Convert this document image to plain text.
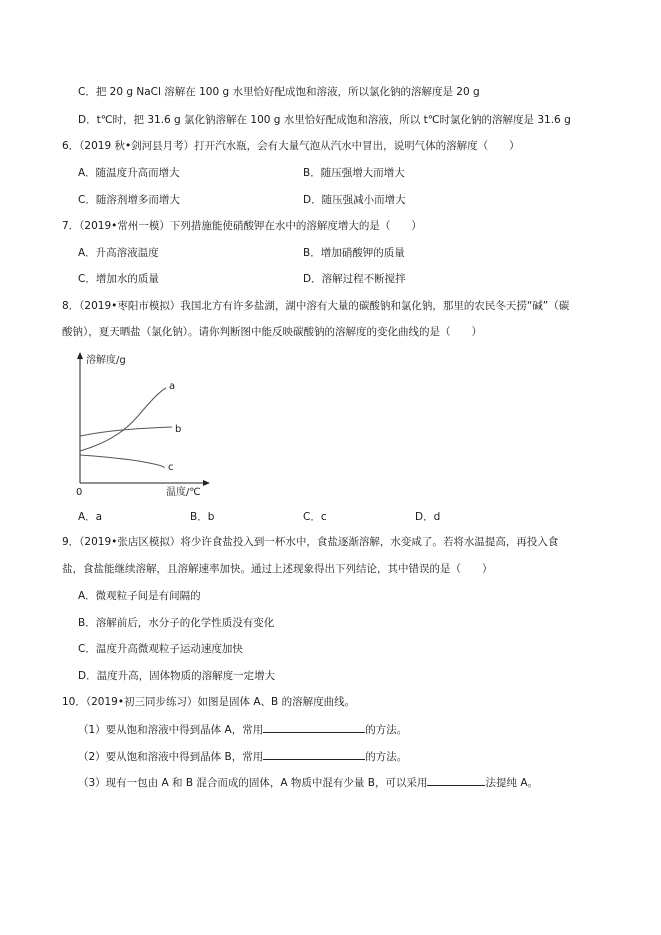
C．把 20 g NaCl 溶解在 100 g 水里恰好配成饱和溶液，所以氯化钠的溶解度是 20 g
D．t℃时，把 31.6 g 氯化钠溶解在 100 g 水里恰好配成饱和溶液，所以 t℃时氯化钠的溶解度是 31.6 g
6．（2019 秋•剑河县月考）打开汽水瓶，会有大量气泡从汽水中冒出，说明气体的溶解度（　　）
A．随温度升高而增大	B．随压强增大而增大
C．随溶剂增多而增大	D．随压强减小而增大
7．（2019•常州一模）下列措施能使硝酸钾在水中的溶解度增大的是（　　）
A．升高溶液温度	B．增加硝酸钾的质量
C．增加水的质量	D．溶解过程不断搅拌
8．（2019•枣阳市模拟）我国北方有许多盐湖，湖中溶有大量的碳酸钠和氯化钠，那里的农民冬天捞“碱”（碳
酸钠），夏天晒盐（氯化钠）。请你判断图中能反映碳酸钠的溶解度的变化曲线的是（　　）
溶解度/g
0	温度/℃
a
b
c
A．a	B．b	C．c	D．d
9．（2019•张店区模拟）将少许食盐投入到一杯水中，食盐逐渐溶解，水变咸了。若将水温提高，再投入食
盐，食盐能继续溶解，且溶解速率加快。通过上述现象得出下列结论，其中错误的是（　　）
A．微观粒子间是有间隔的
B．溶解前后，水分子的化学性质没有变化
C．温度升高微观粒子运动速度加快
D．温度升高，固体物质的溶解度一定增大
10．（2019•初三同步练习）如图是固体 A、B 的溶解度曲线。
（1）要从饱和溶液中得到晶体 A，常用	的方法。
（2）要从饱和溶液中得到晶体 B，常用	的方法。
（3）现有一包由 A 和 B 混合而成的固体，A 物质中混有少量 B，可以采用	法提纯 A。
